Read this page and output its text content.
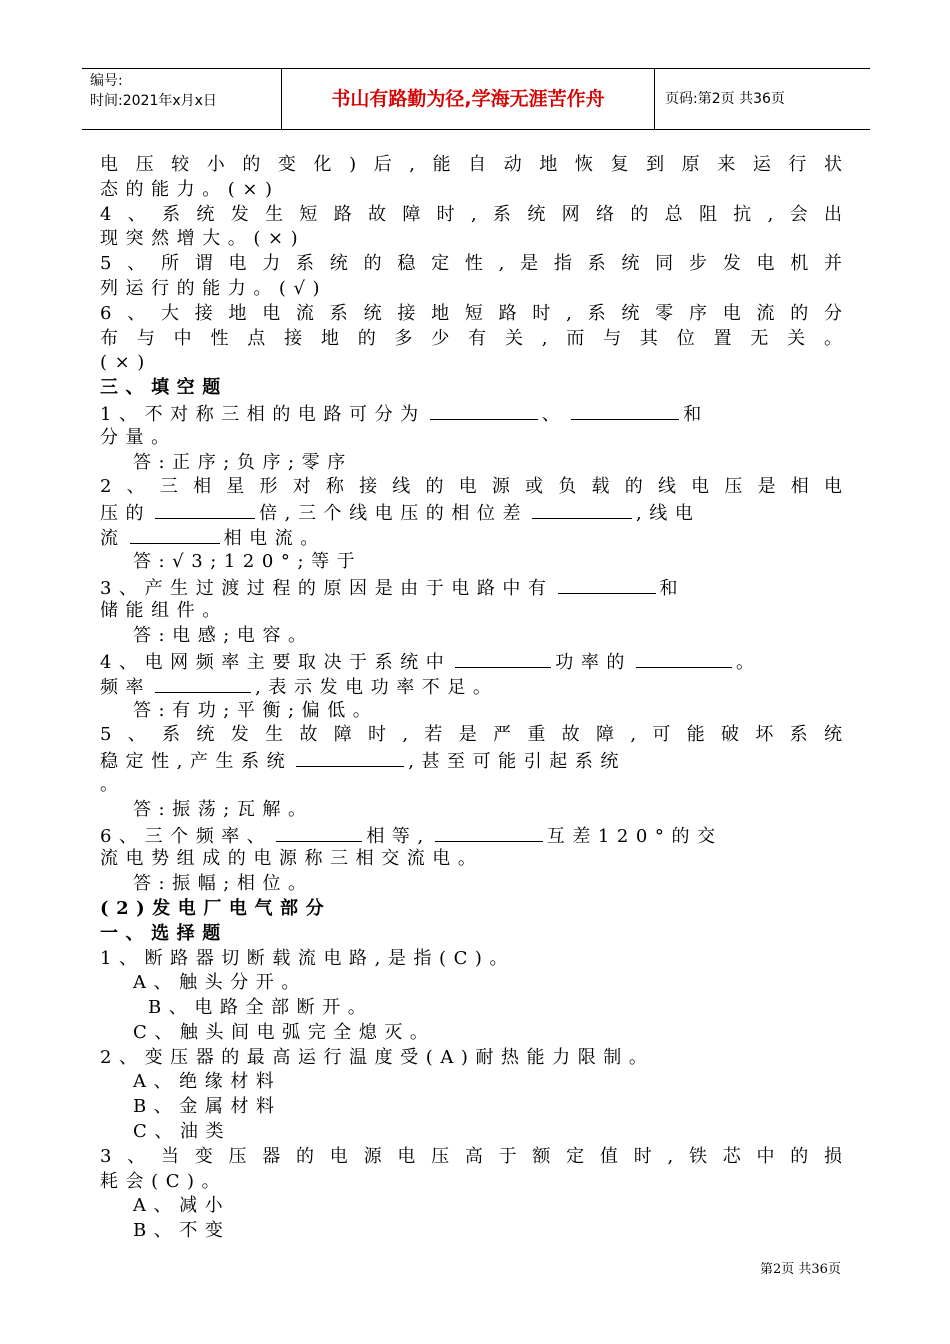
编号:
时间:2021年x月x日	书山有路勤为径,学海无涯苦作舟	页码:第2页 共36页
电压较小的变化)后,能自动地恢复到原来运行状
态的能力。(×)
4、系统发生短路故障时,系统网络的总阻抗,会出
现突然增大。(×)
5、所谓电力系统的稳定性,是指系统同步发电机并
列运行的能力。(√)
6、大接地电流系统接地短路时,系统零序电流的分
布与中性点接地的多少有关,而与其位置无关。
(×)
三、填空题
1、不对称三相的电路可分为	、	和
分量。
答:正序;负序;零序
2、三相星形对称接线的电源或负载的线电压是相电
压的	倍,三个线电压的相位差	,线电
流	相电流。
答:√3;120°;等于
3、产生过渡过程的原因是由于电路中有	和
储能组件。
答:电感;电容。
4、电网频率主要取决于系统中	功率的	。
频率	,表示发电功率不足。
答:有功;平衡;偏低。
5、系统发生故障时,若是严重故障,可能破坏系统
稳定性,产生系统	,甚至可能引起系统
。
答:振荡;瓦解。
6、三个频率、	相等,	互差120°的交
流电势组成的电源称三相交流电。
答:振幅;相位。
(2)发电厂电气部分
一、选择题
1、断路器切断载流电路,是指(C)。
A、触头分开。
B、电路全部断开。
C、触头间电弧完全熄灭。
2、变压器的最高运行温度受(A)耐热能力限制。
A、绝缘材料
B、金属材料
C、油类
3、当变压器的电源电压高于额定值时,铁芯中的损
耗会(C)。
A、减小
B、不变
第2页 共36页
